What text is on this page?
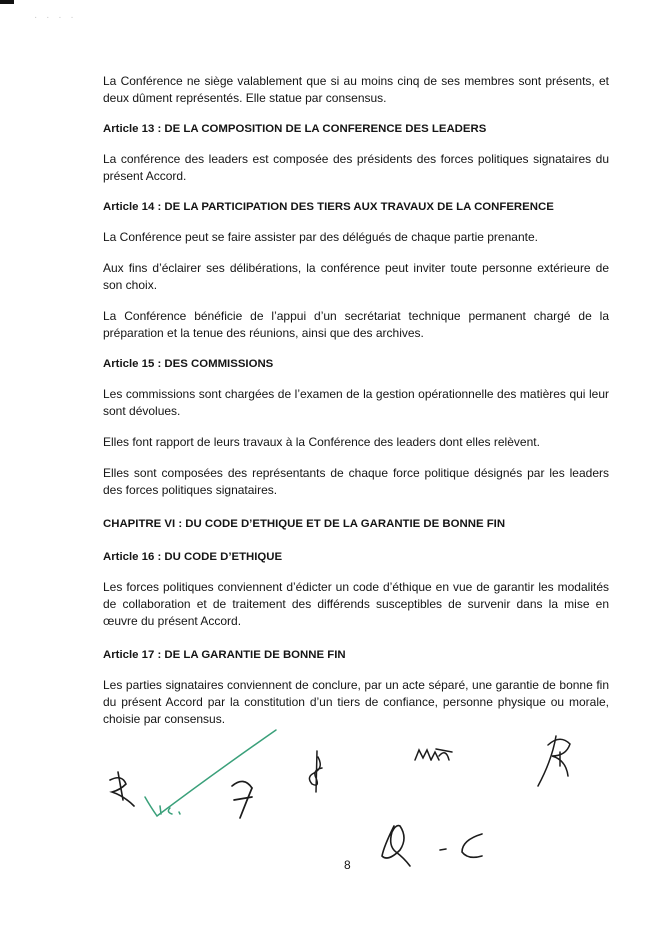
· · · ·

La Conférence ne siège valablement que si au moins cinq de ses membres sont présents, et deux dûment représentés. Elle statue par consensus.

Article 13 : DE LA COMPOSITION DE LA CONFERENCE DES LEADERS

La conférence des leaders est composée des présidents des forces politiques signataires du présent Accord.

Article 14 : DE LA PARTICIPATION DES TIERS AUX TRAVAUX DE LA CONFERENCE

La Conférence peut se faire assister par des délégués de chaque partie prenante.

Aux fins d’éclairer ses délibérations, la conférence peut inviter toute personne extérieure de son choix.

La Conférence bénéficie de l’appui d’un secrétariat technique permanent chargé de la préparation et la tenue des réunions, ainsi que des archives.

Article 15 : DES COMMISSIONS

Les commissions sont chargées de l’examen de la gestion opérationnelle des matières qui leur sont dévolues.

Elles font rapport de leurs travaux à la Conférence des leaders dont elles relèvent.

Elles sont composées des représentants de chaque force politique désignés par les leaders des forces politiques signataires.

CHAPITRE VI : DU CODE D’ETHIQUE ET DE LA GARANTIE DE BONNE FIN
Article 16 : DU CODE D’ETHIQUE

Les forces politiques conviennent d’édicter un code d’éthique en vue de garantir les modalités de collaboration et de traitement des différends susceptibles de survenir dans la mise en œuvre du présent Accord.

Article 17 : DE LA GARANTIE DE BONNE FIN

Les parties signataires conviennent de conclure, par un acte séparé, une garantie de bonne fin du présent Accord par la constitution d’un tiers de confiance, personne physique ou morale, choisie par consensus.

8
